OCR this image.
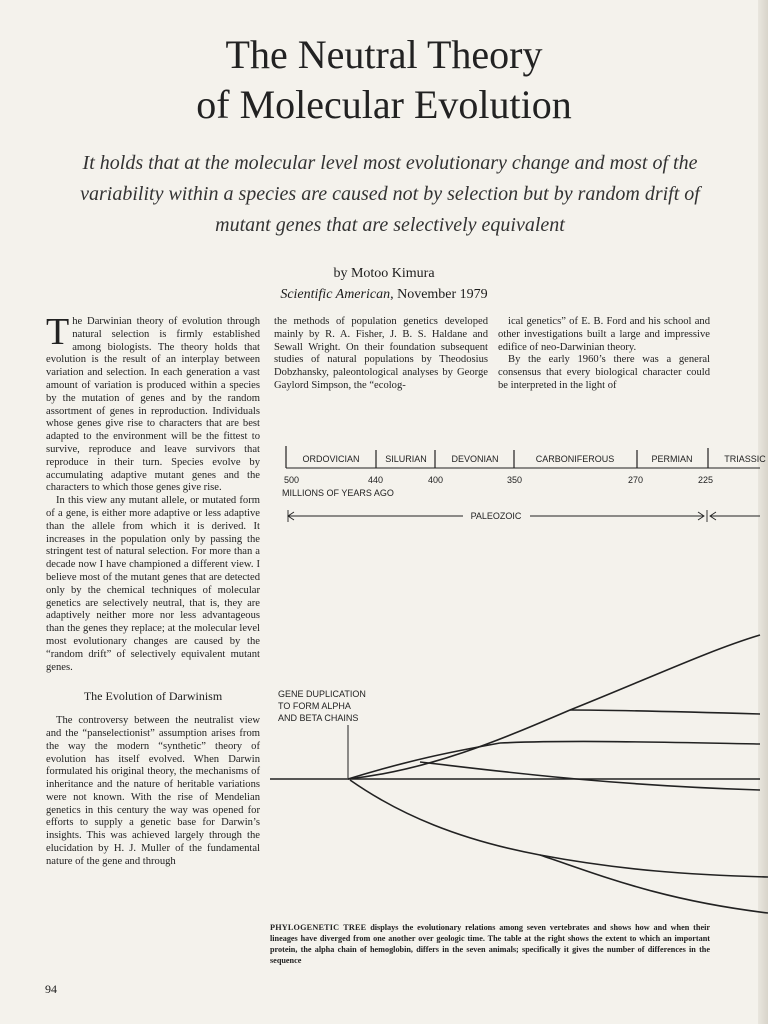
The Neutral Theory
of Molecular Evolution
It holds that at the molecular level most evolutionary change and most of the variability within a species are caused not by selection but by random drift of mutant genes that are selectively equivalent
by Motoo Kimura
Scientific American, November 1979

The Darwinian theory of evolution through natural selection is firmly established among biologists. The theory holds that evolution is the result of an interplay between variation and selection. In each generation a vast amount of variation is produced within a species by the mutation of genes and by the random assortment of genes in reproduction. Individuals whose genes give rise to characters that are best adapted to the environment will be the fittest to survive, reproduce and leave survivors that reproduce in their turn. Species evolve by accumulating adaptive mutant genes and the characters to which those genes give rise.

In this view any mutant allele, or mutated form of a gene, is either more adaptive or less adaptive than the allele from which it is derived. It increases in the population only by passing the stringent test of natural selection. For more than a decade now I have championed a different view. I believe most of the mutant genes that are detected only by the chemical techniques of molecular genetics are selectively neutral, that is, they are adaptively neither more nor less advantageous than the genes they replace; at the molecular level most evolutionary changes are caused by the “random drift” of selectively equivalent mutant genes.

The Evolution of Darwinism

The controversy between the neutralist view and the “panselectionist” assumption arises from the way the modern “synthetic” theory of evolution has itself evolved. When Darwin formulated his original theory, the mechanisms of inheritance and the nature of heritable variations were not known. With the rise of Mendelian genetics in this century the way was opened for efforts to supply a genetic base for Darwin’s insights. This was achieved largely through the elucidation by H. J. Muller of the fundamental nature of the gene and through

the methods of population genetics developed mainly by R. A. Fisher, J. B. S. Haldane and Sewall Wright. On their foundation subsequent studies of natural populations by Theodosius Dobzhansky, paleontological analyses by George Gaylord Simpson, the “ecolog-

ical genetics” of E. B. Ford and his school and other investigations built a large and impressive edifice of neo-Darwinian theory.

By the early 1960’s there was a general consensus that every biological character could be interpreted in the light of

ORDOVICIAN	SILURIAN	DEVONIAN	CARBONIFEROUS	PERMIAN	TRIASSIC
500	440	400	350	270	225
MILLIONS OF YEARS AGO
PALEOZOIC
GENE DUPLICATION
TO FORM ALPHA
AND BETA CHAINS
PHYLOGENETIC TREE displays the evolutionary relations among seven vertebrates and shows how and when their lineages have diverged from one another over geologic time. The table at the right shows the extent to which an important protein, the alpha chain of hemoglobin, differs in the seven animals; specifically it gives the number of differences in the sequence
94
